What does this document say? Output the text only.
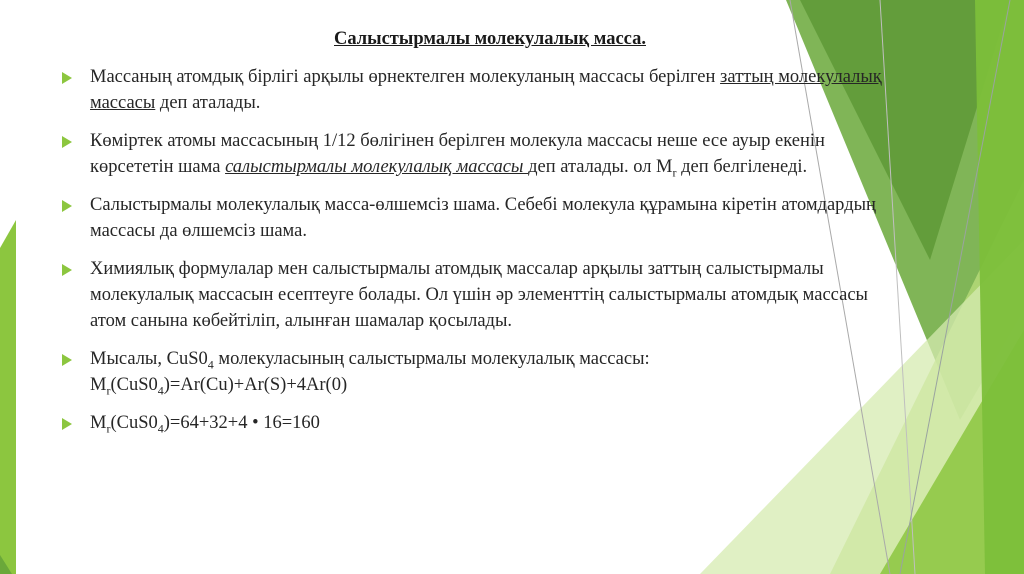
Салыстырмалы молекулалық масса.
Массаның атомдық бірлігі арқылы өрнектелген молекуланың массасы берілген заттың молекулалық массасы деп аталады.
Көміртек атомы массасының 1/12 бөлігінен берілген молекула массасы неше есе ауыр екенін көрсететін шама салыстырмалы молекулалық массасы деп аталады. ол $M_r$ деп белгіленеді.
Салыстырмалы молекулалық масса-өлшемсіз шама. Себебі молекула құрамына кіретін атомдардың массасы да өлшемсіз шама.
Химиялық формулалар мен салыстырмалы атомдық массалар арқылы заттың салыстырмалы молекулалық массасын есептеуге болады. Ол үшін әр элементтің салыстырмалы атомдық массасы атом санына көбейтіліп, алынған шамалар қосылады.
Мысалы, $CuS0_4$ молекуласының салыстырмалы молекулалық массасы:
$M_r(CuS0_4)=Ar(Cu)+Ar(S)+4Ar(0)$
$M_r(CuS0_4)=64+32+4$ • 16=160
